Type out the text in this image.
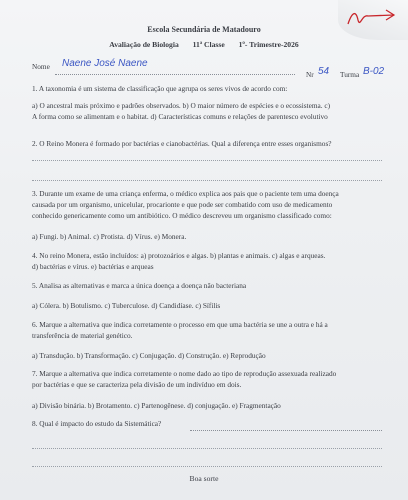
Escola Secundária de Matadouro
Avaliação de Biologia 11ª Classe 1º- Trimestre-2026
Nome Naene José Naene
Nr 54 Turma B-02
1. A taxonomia é um sistema de classificação que agrupa os seres vivos de acordo com:
a) O ancestral mais próximo e padrões observados. b) O maior número de espécies e o ecossistema. c)
A forma como se alimentam e o habitat. d) Características comuns e relações de parentesco evolutivo
2. O Reino Monera é formado por bactérias e cianobactérias. Qual a diferença entre esses organismos?
3. Durante um exame de uma criança enferma, o médico explica aos pais que o paciente tem uma doença
causada por um organismo, unicelular, procarionte e que pode ser combatido com uso de medicamento
conhecido genericamente como um antibiótico. O médico descreveu um organismo classificado como:
a) Fungi. b) Animal. c) Protista. d) Vírus. e) Monera.
4. No reino Monera, estão incluídos: a) protozoários e algas. b) plantas e animais. c) algas e arqueas.
d) bactérias e vírus. e) bactérias e arqueas
5. Analisa as alternativas e marca a única doença a doença não bacteriana
a) Cólera. b) Botulismo. c) Tuberculose. d) Candidíase. c) Sífilis
6. Marque a alternativa que indica corretamente o processo em que uma bactéria se une a outra e há a
transferência de material genético.
a) Transdução. b) Transformação. c) Conjugação. d) Construção. e) Reprodução
7. Marque a alternativa que indica corretamente o nome dado ao tipo de reprodução assexuada realizado
por bactérias e que se caracteriza pela divisão de um indivíduo em dois.
a) Divisão binária. b) Brotamento. c) Partenogênese. d) conjugação. e) Fragmentação
8. Qual é impacto do estudo da Sistemática?
Boa sorte
